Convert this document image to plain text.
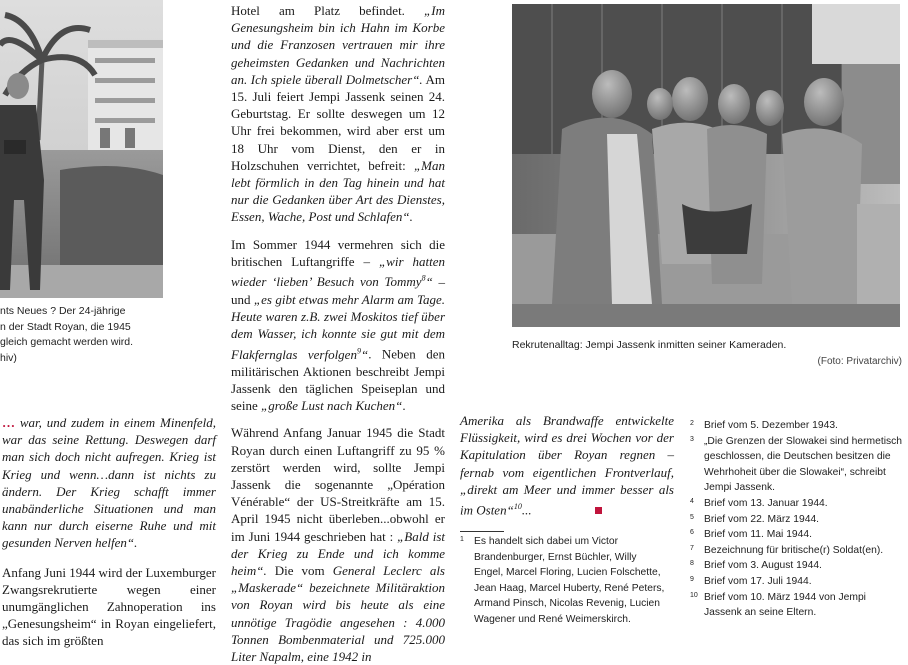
nts Neues ? Der 24-jährige
n der Stadt Royan, die 1945
gleich gemacht werden wird.
hiv)

… war, und zudem in einem Minenfeld, war das seine Rettung. Deswegen darf man sich doch nicht aufregen. Krieg ist Krieg und wenn…dann ist nichts zu ändern. Der Krieg schafft immer unabänderliche Situationen und man kann nur durch eiserne Ruhe und mit gesunden Nerven helfen“.

Anfang Juni 1944 wird der Luxemburger Zwangsrekrutierte wegen einer unumgänglichen Zahnoperation ins „Genesungsheim“ in Royan eingeliefert, das sich im größten

Hotel am Platz befindet. „Im Genesungsheim bin ich Hahn im Korbe und die Franzosen vertrauen mir ihre geheimsten Gedanken und Nachrichten an. Ich spiele überall Dolmetscher“. Am 15. Juli feiert Jempi Jassenk seinen 24. Geburtstag. Er sollte deswegen um 12 Uhr frei bekommen, wird aber erst um 18 Uhr vom Dienst, den er in Holzschuhen verrichtet, befreit: „Man lebt förmlich in den Tag hinein und hat nur die Gedanken über Art des Dienstes, Essen, Wache, Post und Schlafen“.

Im Sommer 1944 vermehren sich die britischen Luftangriffe – „wir hatten wieder ‘lieben’ Besuch von Tommy$^8$“ – und „es gibt etwas mehr Alarm am Tage. Heute waren z.B. zwei Moskitos tief über dem Wasser, ich konnte sie gut mit dem Flakfernglas verfolgen$^9$“. Neben den militärischen Aktionen beschreibt Jempi Jassenk den täglichen Speiseplan und seine „große Lust nach Kuchen“.

Während Anfang Januar 1945 die Stadt Royan durch einen Luftangriff zu 95 % zerstört werden wird, sollte Jempi Jassenk die sogenannte „Opération Vénérable“ der US-Streitkräfte am 15. April 1945 nicht überleben...obwohl er im Juni 1944 geschrieben hat : „Bald ist der Krieg zu Ende und ich komme heim“. Die vom General Leclerc als „Maskerade“ bezeichnete Militäraktion von Royan wird bis heute als eine unnötige Tragödie angesehen : 4.000 Tonnen Bombenmaterial und 725.000 Liter Napalm, eine 1942 in

Rekrutenalltag: Jempi Jassenk inmitten seiner Kameraden.
(Foto: Privatarchiv)

Amerika als Brandwaffe entwickelte Flüssigkeit, wird es drei Wochen vor der Kapitulation über Royan regnen – fernab vom eigentlichen Frontverlauf, „direkt am Meer und immer besser als im Osten“$^{10}$...

1 Es handelt sich dabei um Victor Brandenburger, Ernst Büchler, Willy Engel, Marcel Floring, Lucien Folschette, Jean Haag, Marcel Huberty, René Peters, Armand Pinsch, Nicolas Revenig, Lucien Wagener und René Weimerskirch.
2 Brief vom 5. Dezember 1943.
3 „Die Grenzen der Slowakei sind hermetisch geschlossen, die Deutschen besitzen die Wehrhoheit über die Slowakei“, schreibt Jempi Jassenk.
4 Brief vom 13. Januar 1944.
5 Brief vom 22. März 1944.
6 Brief vom 11. Mai 1944.
7 Bezeichnung für britische(r) Soldat(en).
8 Brief vom 3. August 1944.
9 Brief vom 17. Juli 1944.
10 Brief vom 10. März 1944 von Jempi Jassenk an seine Eltern.
